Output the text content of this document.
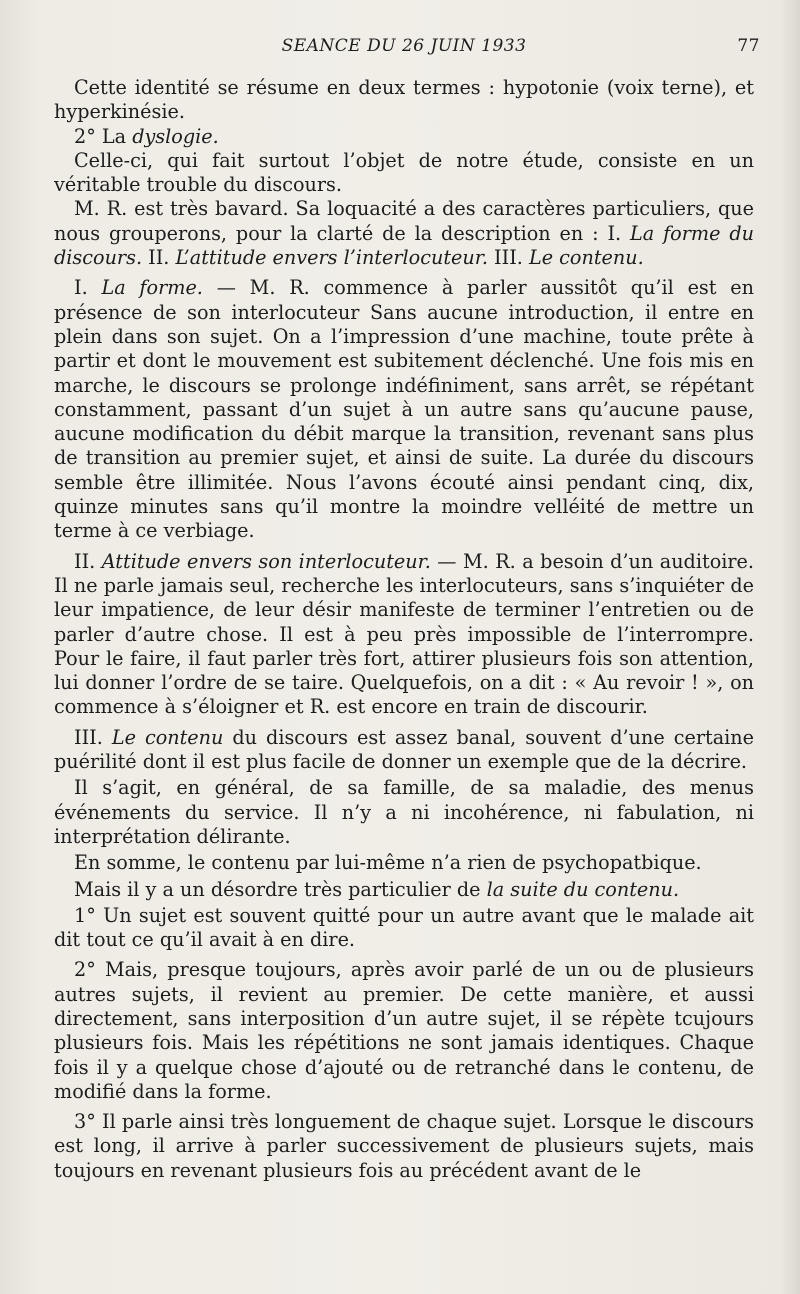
SEANCE DU 26 JUIN 1933	77

Cette identité se résume en deux termes : hypotonie (voix terne), et hyperkinésie.

2° La dyslogie.

Celle-ci, qui fait surtout l’objet de notre étude, consiste en un véritable trouble du discours.

M. R. est très bavard. Sa loquacité a des caractères particuliers, que nous grouperons, pour la clarté de la description en : I. La forme du discours. II. L’attitude envers l’interlocuteur. III. Le contenu.

I. La forme. — M. R. commence à parler aussitôt qu’il est en présence de son interlocuteur Sans aucune introduction, il entre en plein dans son sujet. On a l’impression d’une machine, toute prête à partir et dont le mouvement est subitement déclenché. Une fois mis en marche, le discours se prolonge indéfiniment, sans arrêt, se répétant constamment, passant d’un sujet à un autre sans qu’aucune pause, aucune modification du débit marque la transition, revenant sans plus de transition au premier sujet, et ainsi de suite. La durée du discours semble être illimitée. Nous l’avons écouté ainsi pendant cinq, dix, quinze minutes sans qu’il montre la moindre velléité de mettre un terme à ce verbiage.

II. Attitude envers son interlocuteur. — M. R. a besoin d’un auditoire. Il ne parle jamais seul, recherche les interlocuteurs, sans s’inquiéter de leur impatience, de leur désir manifeste de terminer l’entretien ou de parler d’autre chose. Il est à peu près impossible de l’interrompre. Pour le faire, il faut parler très fort, attirer plusieurs fois son attention, lui donner l’ordre de se taire. Quelquefois, on a dit : « Au revoir ! », on commence à s’éloigner et R. est encore en train de discourir.

III. Le contenu du discours est assez banal, souvent d’une certaine puérilité dont il est plus facile de donner un exemple que de la décrire.

Il s’agit, en général, de sa famille, de sa maladie, des menus événements du service. Il n’y a ni incohérence, ni fabulation, ni interprétation délirante.

En somme, le contenu par lui-même n’a rien de psychopatbique.

Mais il y a un désordre très particulier de la suite du contenu.

1° Un sujet est souvent quitté pour un autre avant que le malade ait dit tout ce qu’il avait à en dire.

2° Mais, presque toujours, après avoir parlé de un ou de plusieurs autres sujets, il revient au premier. De cette manière, et aussi directement, sans interposition d’un autre sujet, il se répète tcujours plusieurs fois. Mais les répétitions ne sont jamais identiques. Chaque fois il y a quelque chose d’ajouté ou de retranché dans le contenu, de modifié dans la forme.

3° Il parle ainsi très longuement de chaque sujet. Lorsque le discours est long, il arrive à parler successivement de plusieurs sujets, mais toujours en revenant plusieurs fois au précédent avant de le
